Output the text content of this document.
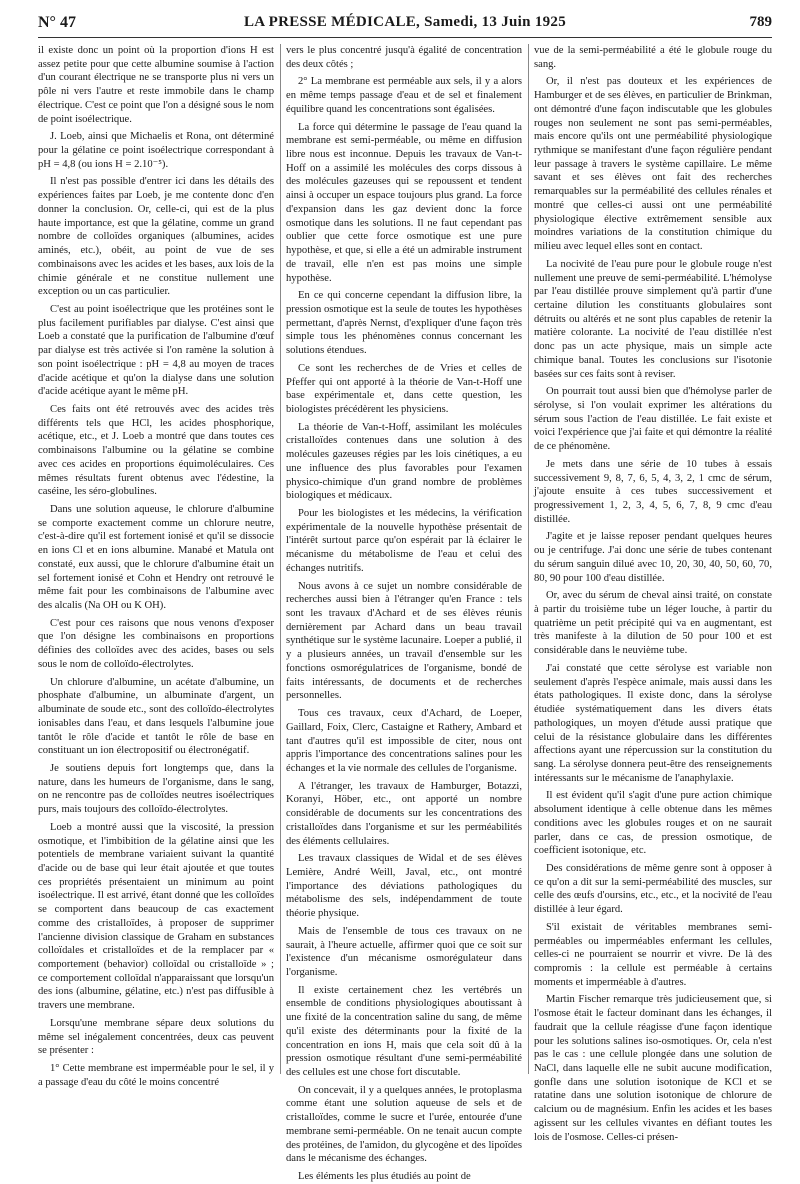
N° 47	LA PRESSE MÉDICALE, Samedi, 13 Juin 1925	789

il existe donc un point où la proportion d'ions H est assez petite pour que cette albumine soumise à l'action d'un courant électrique ne se transporte plus ni vers un pôle ni vers l'autre et reste immobile dans le champ électrique. C'est ce point que l'on a désigné sous le nom de point isoélectrique.

J. Loeb, ainsi que Michaelis et Rona, ont déterminé pour la gélatine ce point isoélectrique correspondant à pH = 4,8 (ou ions H = 2.10⁻⁵).

Il n'est pas possible d'entrer ici dans les détails des expériences faites par Loeb, je me contente donc d'en donner la conclusion. Or, celle-ci, qui est de la plus haute importance, est que la gélatine, comme un grand nombre de colloïdes organiques (albumines, acides aminés, etc.), obéit, au point de vue de ses combinaisons avec les acides et les bases, aux lois de la chimie générale et ne constitue nullement une exception ou un cas particulier.

C'est au point isoélectrique que les protéines sont le plus facilement purifiables par dialyse. C'est ainsi que Loeb a constaté que la purification de l'albumine d'œuf par dialyse est très activée si l'on ramène la solution à son point isoélectrique : pH = 4,8 au moyen de traces d'acide acétique et qu'on la dialyse dans une solution d'acide acétique ayant le même pH.

Ces faits ont été retrouvés avec des acides très différents tels que HCl, les acides phosphorique, acétique, etc., et J. Loeb a montré que dans toutes ces combinaisons l'albumine ou la gélatine se combine avec ces acides en proportions équimoléculaires. Ces mêmes résultats furent obtenus avec l'édestine, la caséine, les séro-globulines.

Dans une solution aqueuse, le chlorure d'albumine se comporte exactement comme un chlorure neutre, c'est-à-dire qu'il est fortement ionisé et qu'il se dissocie en ions Cl et en ions albumine. Manabé et Matula ont constaté, eux aussi, que le chlorure d'albumine était un sel fortement ionisé et Cohn et Hendry ont retrouvé le même fait pour les combinaisons de l'albumine avec des alcalis (Na OH ou K OH).

C'est pour ces raisons que nous venons d'exposer que l'on désigne les combinaisons en proportions définies des colloïdes avec des acides, bases ou sels sous le nom de colloïdo-électrolytes.

Un chlorure d'albumine, un acétate d'albumine, un phosphate d'albumine, un albuminate d'argent, un albuminate de soude etc., sont des colloïdo-électrolytes ionisables dans l'eau, et dans lesquels l'albumine joue tantôt le rôle d'acide et tantôt le rôle de base en constituant un ion électropositif ou électronégatif.

Je soutiens depuis fort longtemps que, dans la nature, dans les humeurs de l'organisme, dans le sang, on ne rencontre pas de colloïdes neutres isoélectriques purs, mais toujours des colloïdo-électrolytes.

Loeb a montré aussi que la viscosité, la pression osmotique, et l'imbibition de la gélatine ainsi que les potentiels de membrane variaient suivant la quantité d'acide ou de base qui leur était ajoutée et que toutes ces propriétés présentaient un minimum au point isoélectrique. Il est arrivé, étant donné que les colloïdes se comportent dans beaucoup de cas exactement comme des cristalloïdes, à proposer de supprimer l'ancienne division classique de Graham en substances colloïdales et cristalloïdes et de la remplacer par « comportement (behavior) colloïdal ou cristalloïde » ; ce comportement colloïdal n'apparaissant que lorsqu'un des ions (albumine, gélatine, etc.) n'est pas diffusible à travers une membrane.

Lorsqu'une membrane sépare deux solutions du même sel inégalement concentrées, deux cas peuvent se présenter :

1° Cette membrane est imperméable pour le sel, il y a passage d'eau du côté le moins concentré

vers le plus concentré jusqu'à égalité de concentration des deux côtés ;

2° La membrane est perméable aux sels, il y a alors en même temps passage d'eau et de sel et finalement équilibre quand les concentrations sont égalisées.

La force qui détermine le passage de l'eau quand la membrane est semi-perméable, ou même en diffusion libre nous est inconnue. Depuis les travaux de Van-t-Hoff on a assimilé les molécules des corps dissous à des molécules gazeuses qui se repoussent et tendent ainsi à occuper un espace toujours plus grand. La force d'expansion dans les gaz devient donc la force osmotique dans les solutions. Il ne faut cependant pas oublier que cette force osmotique est une pure hypothèse, et que, si elle a été un admirable instrument de travail, elle n'en est pas moins une simple hypothèse.

En ce qui concerne cependant la diffusion libre, la pression osmotique est la seule de toutes les hypothèses permettant, d'après Nernst, d'expliquer d'une façon très simple tous les phénomènes connus concernant les solutions étendues.

Ce sont les recherches de de Vries et celles de Pfeffer qui ont apporté à la théorie de Van-t-Hoff une base expérimentale et, dans cette question, les biologistes précédèrent les physiciens.

La théorie de Van-t-Hoff, assimilant les molécules cristalloïdes contenues dans une solution à des molécules gazeuses régies par les lois cinétiques, a eu une influence des plus favorables pour l'examen physico-chimique d'un grand nombre de problèmes biologiques et médicaux.

Pour les biologistes et les médecins, la vérification expérimentale de la nouvelle hypothèse présentait de l'intérêt surtout parce qu'on espérait par là éclairer le mécanisme du métabolisme de l'eau et celui des échanges nutritifs.

Nous avons à ce sujet un nombre considérable de recherches aussi bien à l'étranger qu'en France : tels sont les travaux d'Achard et de ses élèves réunis dernièrement par Achard dans un beau travail synthétique sur le système lacunaire. Loeper a publié, il y a plusieurs années, un travail d'ensemble sur les fonctions osmorégulatrices de l'organisme, bondé de faits intéressants, de documents et de recherches personnelles.

Tous ces travaux, ceux d'Achard, de Loeper, Gaillard, Foix, Clerc, Castaigne et Rathery, Ambard et tant d'autres qu'il est impossible de citer, nous ont appris l'importance des concentrations salines pour les échanges et la vie normale des cellules de l'organisme.

A l'étranger, les travaux de Hamburger, Botazzi, Koranyi, Höber, etc., ont apporté un nombre considérable de documents sur les concentrations des cristalloïdes dans l'organisme et sur les perméabilités des éléments cellulaires.

Les travaux classiques de Widal et de ses élèves Lemière, André Weill, Javal, etc., ont montré l'importance des déviations pathologiques du métabolisme des sels, indépendamment de toute théorie physique.

Mais de l'ensemble de tous ces travaux on ne saurait, à l'heure actuelle, affirmer quoi que ce soit sur l'existence d'un mécanisme osmorégulateur dans l'organisme.

Il existe certainement chez les vertébrés un ensemble de conditions physiologiques aboutissant à une fixité de la concentration saline du sang, de même qu'il existe des déterminants pour la fixité de la concentration en ions H, mais que cela soit dû à la pression osmotique résultant d'une semi-perméabilité des cellules est une chose fort discutable.

On concevait, il y a quelques années, le protoplasma comme étant une solution aqueuse de sels et de cristalloïdes, comme le sucre et l'urée, entourée d'une membrane semi-perméable. On ne tenait aucun compte des protéines, de l'amidon, du glycogène et des lipoïdes dans le mécanisme des échanges.

Les éléments les plus étudiés au point de

vue de la semi-perméabilité a été le globule rouge du sang.

Or, il n'est pas douteux et les expériences de Hamburger et de ses élèves, en particulier de Brinkman, ont démontré d'une façon indiscutable que les globules rouges non seulement ne sont pas semi-perméables, mais encore qu'ils ont une perméabilité physiologique rythmique se manifestant d'une façon régulière pendant leur passage à travers le système capillaire. Le même savant et ses élèves ont fait des recherches remarquables sur la perméabilité des cellules rénales et montré que celles-ci aussi ont une perméabilité physiologique élective extrêmement sensible aux moindres variations de la constitution chimique du milieu avec lequel elles sont en contact.

La nocivité de l'eau pure pour le globule rouge n'est nullement une preuve de semi-perméabilité. L'hémolyse par l'eau distillée prouve simplement qu'à partir d'une certaine dilution les constituants globulaires sont détruits ou altérés et ne sont plus capables de retenir la matière colorante. La nocivité de l'eau distillée n'est donc pas un acte physique, mais un simple acte chimique banal. Toutes les conclusions sur l'isotonie basées sur ces faits sont à reviser.

On pourrait tout aussi bien que d'hémolyse parler de sérolyse, si l'on voulait exprimer les altérations du sérum sous l'action de l'eau distillée. Le fait existe et voici l'expérience que j'ai faite et qui démontre la réalité de ce phénomène.

Je mets dans une série de 10 tubes à essais successivement 9, 8, 7, 6, 5, 4, 3, 2, 1 cmc de sérum, j'ajoute ensuite à ces tubes successivement et progressivement 1, 2, 3, 4, 5, 6, 7, 8, 9 cmc d'eau distillée.

J'agite et je laisse reposer pendant quelques heures ou je centrifuge. J'ai donc une série de tubes contenant du sérum sanguin dilué avec 10, 20, 30, 40, 50, 60, 70, 80, 90 pour 100 d'eau distillée.

Or, avec du sérum de cheval ainsi traité, on constate à partir du troisième tube un léger louche, à partir du quatrième un petit précipité qui va en augmentant, est très manifeste à la dilution de 50 pour 100 et est considérable dans le neuvième tube.

J'ai constaté que cette sérolyse est variable non seulement d'après l'espèce animale, mais aussi dans les états pathologiques. Il existe donc, dans la sérolyse étudiée systématiquement dans les divers états pathologiques, un moyen d'étude aussi pratique que celui de la résistance globulaire dans les différentes affections ayant une répercussion sur la constitution du sang. La sérolyse donnera peut-être des renseignements intéressants sur le mécanisme de l'anaphylaxie.

Il est évident qu'il s'agit d'une pure action chimique absolument identique à celle obtenue dans les mêmes conditions avec les globules rouges et on ne saurait parler, dans ce cas, de pression osmotique, de coefficient isotonique, etc.

Des considérations de même genre sont à opposer à ce qu'on a dit sur la semi-perméabilité des muscles, sur celle des œufs d'oursins, etc., etc., et la nocivité de l'eau distillée à leur égard.

S'il existait de véritables membranes semi-perméables ou imperméables enfermant les cellules, celles-ci ne pourraient se nourrir et vivre. De là des compromis : la cellule est perméable à certains moments et imperméable à d'autres.

Martin Fischer remarque très judicieusement que, si l'osmose était le facteur dominant dans les échanges, il faudrait que la cellule réagisse d'une façon identique pour les solutions salines iso-osmotiques. Or, cela n'est pas le cas : une cellule plongée dans une solution de NaCl, dans laquelle elle ne subit aucune modification, gonfle dans une solution isotonique de KCl et se ratatine dans une solution isotonique de chlorure de calcium ou de magnésium. Enfin les acides et les bases agissent sur les cellules vivantes en défiant toutes les lois de l'osmose. Celles-ci présen-
